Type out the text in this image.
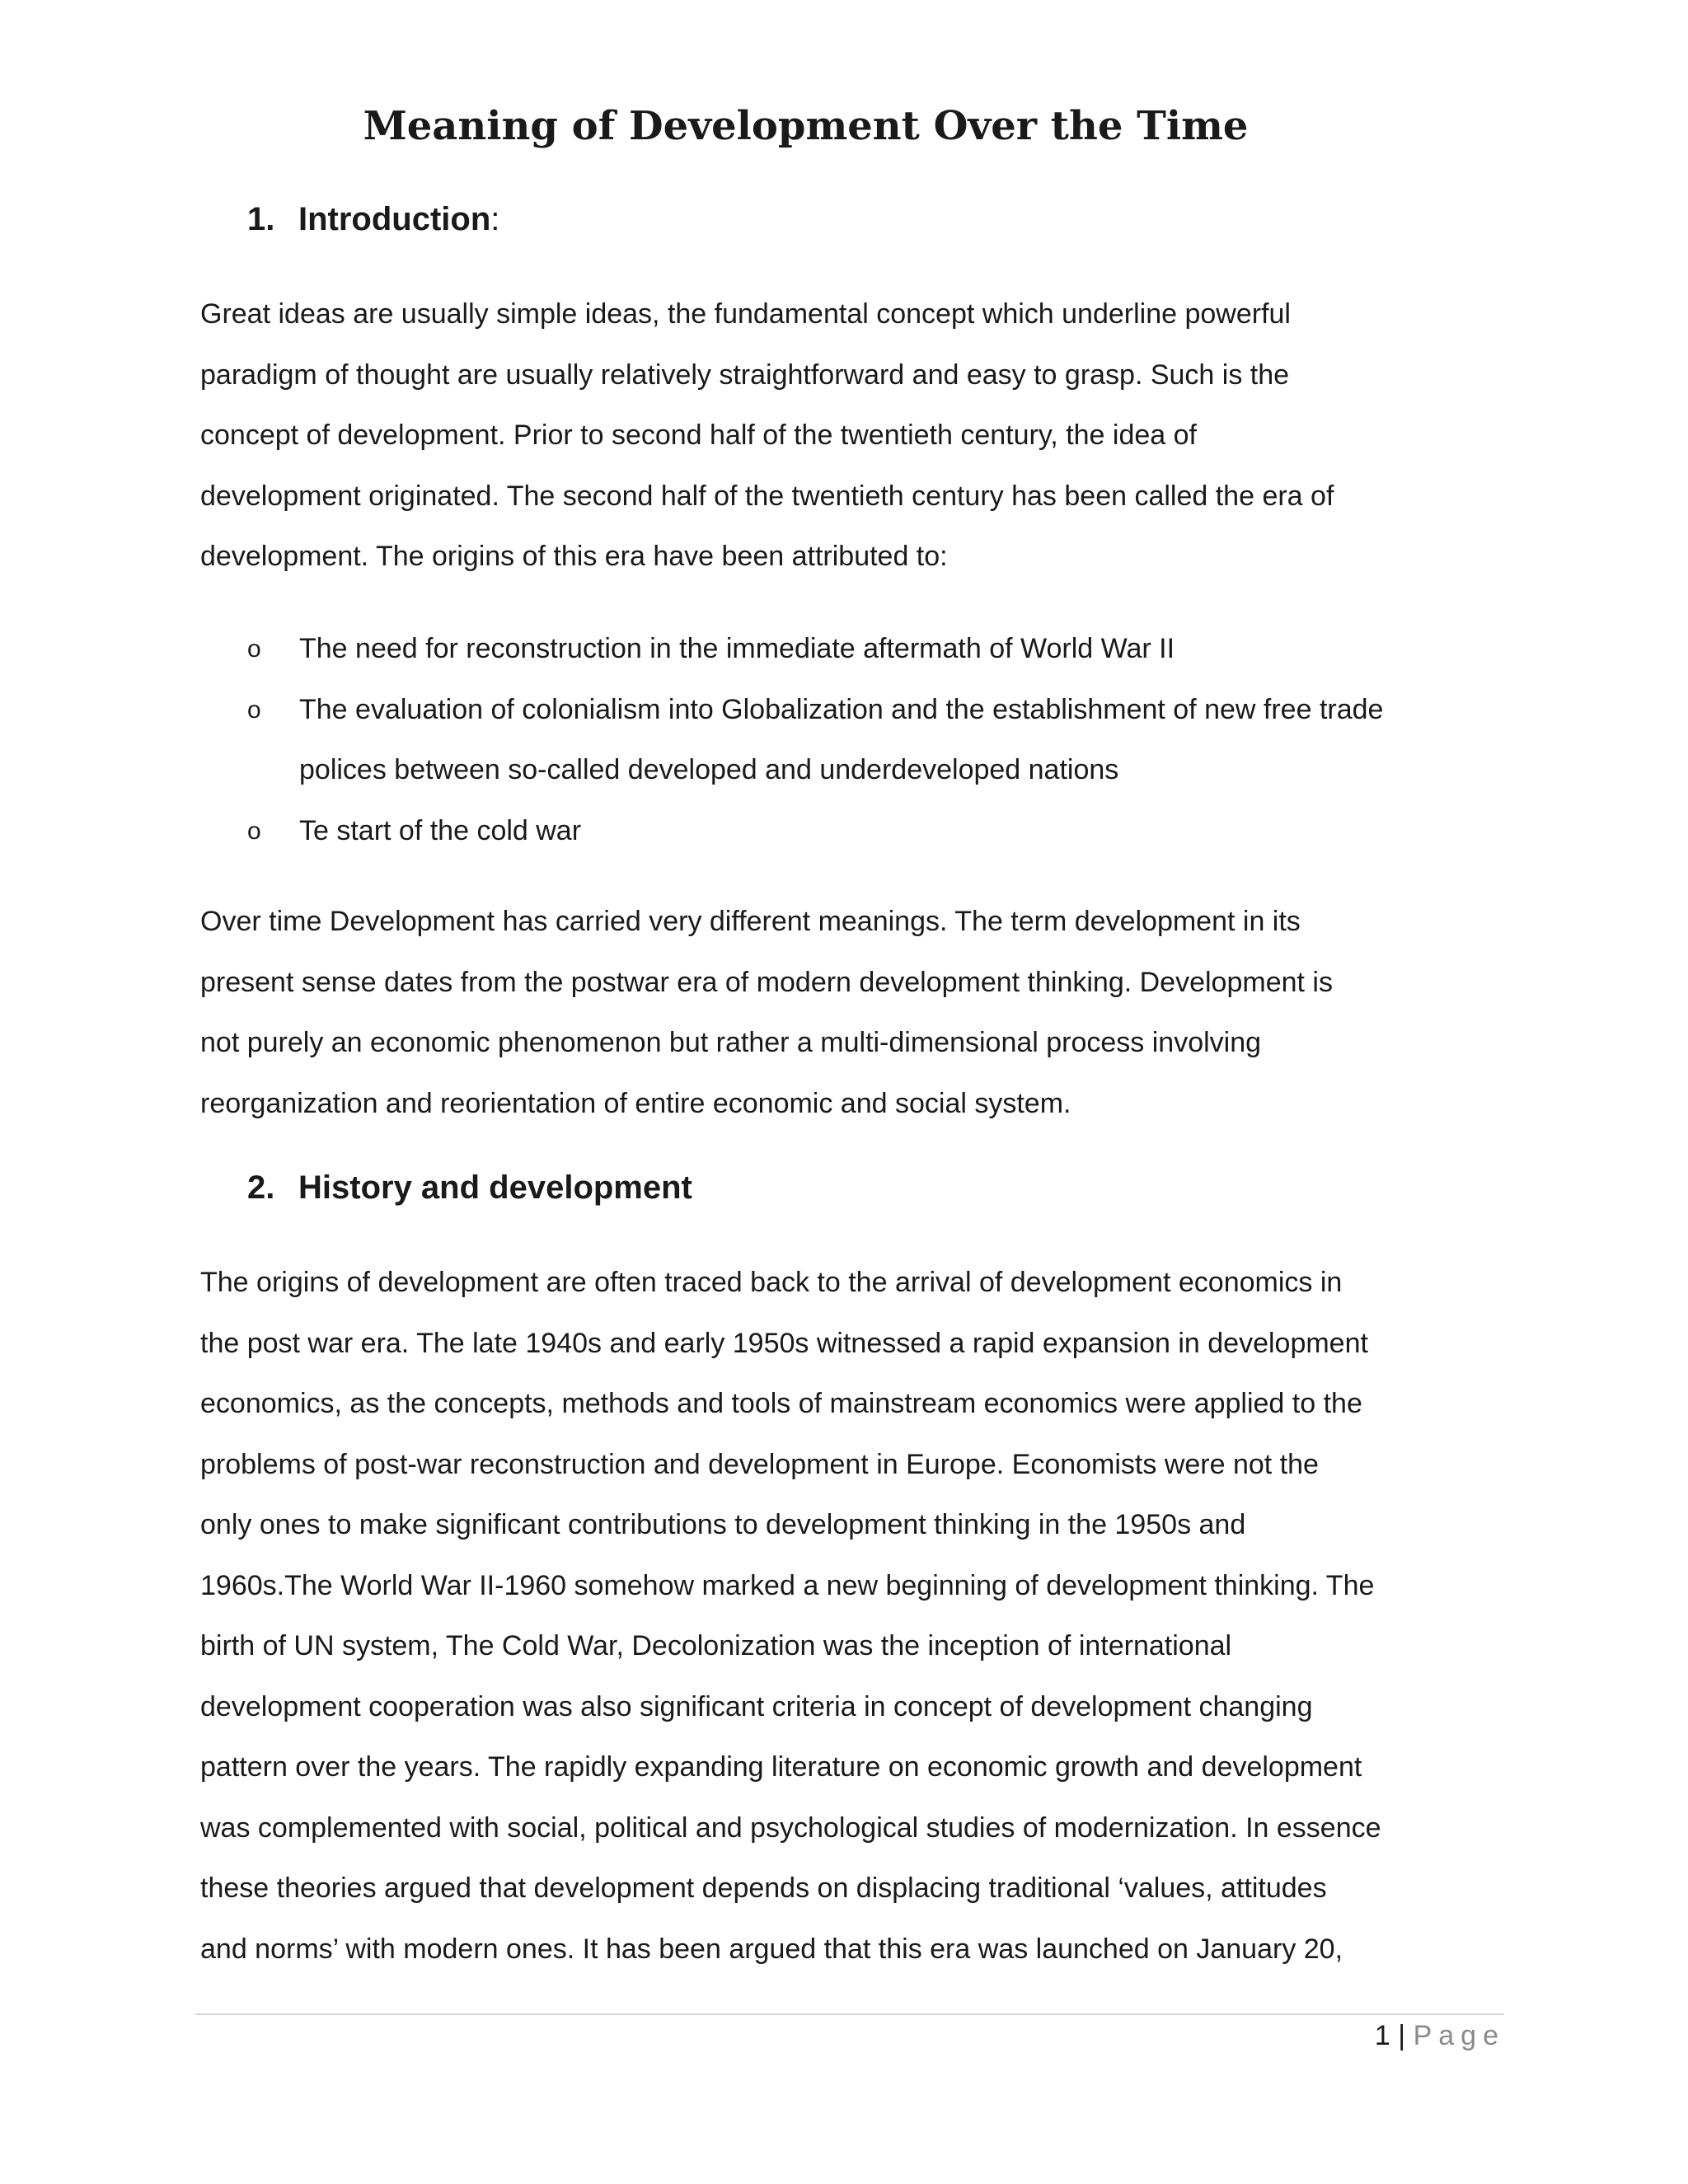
Meaning of Development Over the Time
1. Introduction:

Great ideas are usually simple ideas, the fundamental concept which underline powerful
paradigm of thought are usually relatively straightforward and easy to grasp. Such is the
concept of development. Prior to second half of the twentieth century, the idea of
development originated. The second half of the twentieth century has been called the era of
development. The origins of this era have been attributed to:

o The need for reconstruction in the immediate aftermath of World War II
o The evaluation of colonialism into Globalization and the establishment of new free trade
polices between so-called developed and underdeveloped nations
o Te start of the cold war

Over time Development has carried very different meanings. The term development in its
present sense dates from the postwar era of modern development thinking. Development is
not purely an economic phenomenon but rather a multi-dimensional process involving
reorganization and reorientation of entire economic and social system.

2. History and development

The origins of development are often traced back to the arrival of development economics in
the post war era. The late 1940s and early 1950s witnessed a rapid expansion in development
economics, as the concepts, methods and tools of mainstream economics were applied to the
problems of post-war reconstruction and development in Europe. Economists were not the
only ones to make significant contributions to development thinking in the 1950s and
1960s.The World War II-1960 somehow marked a new beginning of development thinking. The
birth of UN system, The Cold War, Decolonization was the inception of international
development cooperation was also significant criteria in concept of development changing
pattern over the years. The rapidly expanding literature on economic growth and development
was complemented with social, political and psychological studies of modernization. In essence
these theories argued that development depends on displacing traditional ‘values, attitudes
and norms’ with modern ones. It has been argued that this era was launched on January 20,

1 | Page
